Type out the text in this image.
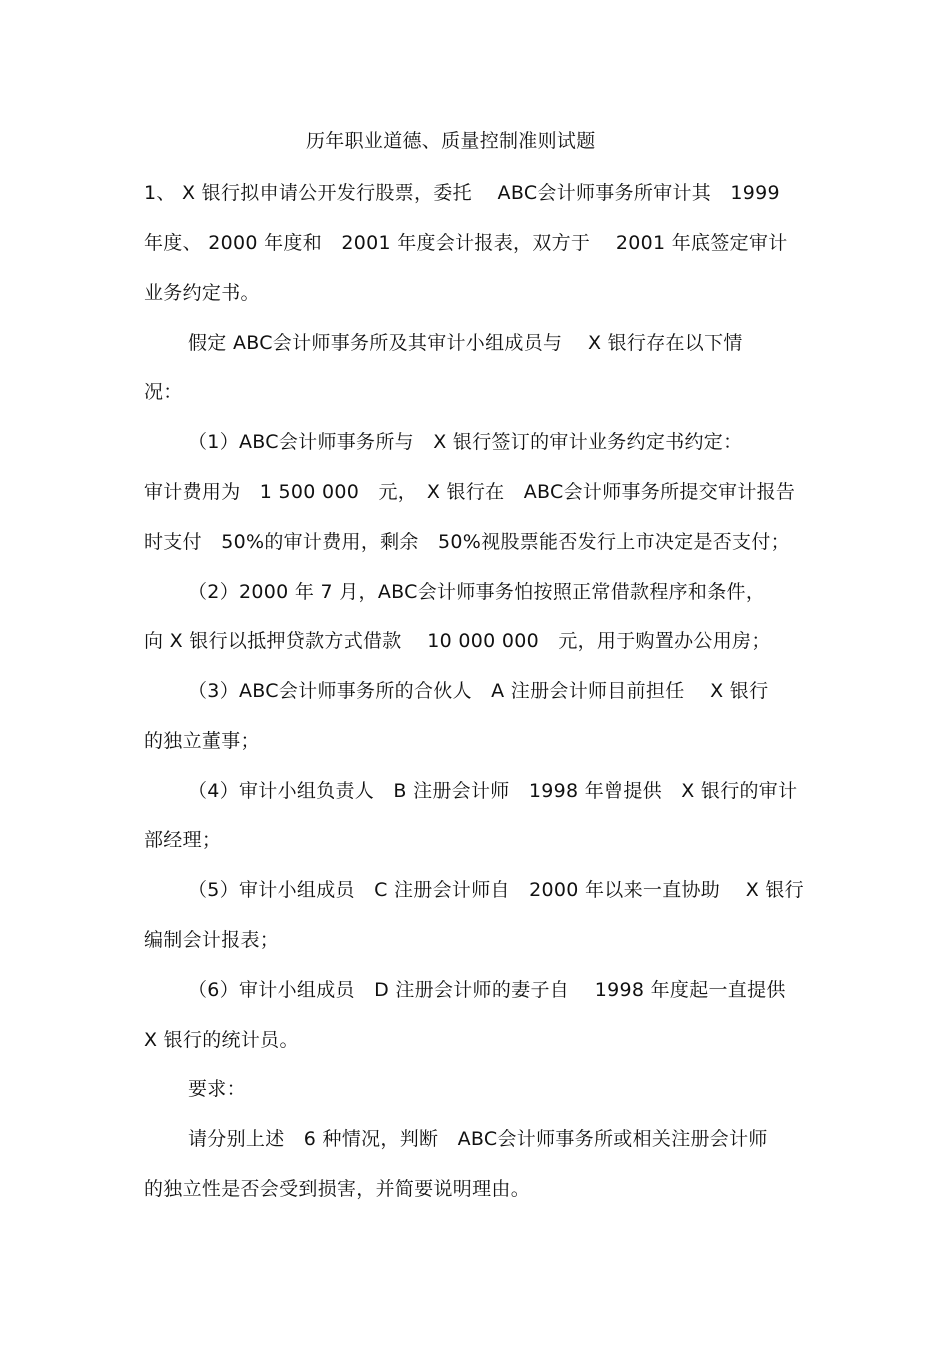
历年职业道德、质量控制准则试题
1、 X 银行拟申请公开发行股票，委托　 ABC会计师事务所审计其　1999
年度、 2000 年度和　2001 年度会计报表，双方于　 2001 年底签定审计
业务约定书。
假定 ABC会计师事务所及其审计小组成员与　 X 银行存在以下情
况：
（1）ABC会计师事务所与　X 银行签订的审计业务约定书约定：
审计费用为　1 500 000　元，　X 银行在　ABC会计师事务所提交审计报告
时支付　50%的审计费用，剩余　50%视股票能否发行上市决定是否支付；
（2）2000 年 7 月，ABC会计师事务怕按照正常借款程序和条件，
向 X 银行以抵押贷款方式借款　 10 000 000　元，用于购置办公用房；
（3）ABC会计师事务所的合伙人　A 注册会计师目前担任　 X 银行
的独立董事；
（4）审计小组负责人　B 注册会计师　1998 年曾提供　X 银行的审计
部经理；
（5）审计小组成员　C 注册会计师自　2000 年以来一直协助　 X 银行
编制会计报表；
（6）审计小组成员　D 注册会计师的妻子自　 1998 年度起一直提供
X 银行的统计员。
要求：
请分别上述　6 种情况，判断　ABC会计师事务所或相关注册会计师
的独立性是否会受到损害，并简要说明理由。
